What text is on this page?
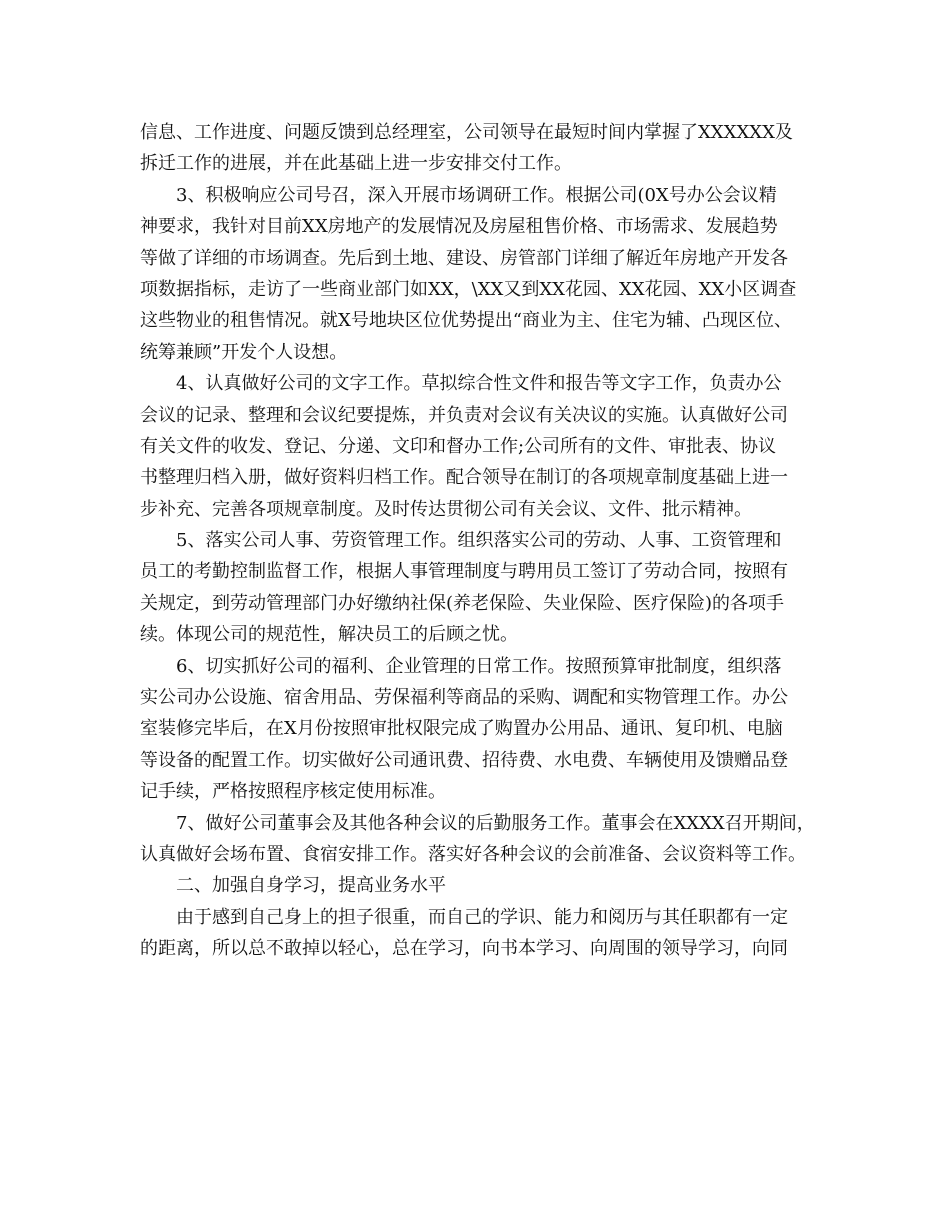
信息、工作进度、问题反馈到总经理室，公司领导在最短时间内掌握了XXXXXX及
拆迁工作的进展，并在此基础上进一步安排交付工作。
3、积极响应公司号召，深入开展市场调研工作。根据公司(0X号办公会议精
神要求，我针对目前XX房地产的发展情况及房屋租售价格、市场需求、发展趋势
等做了详细的市场调查。先后到土地、建设、房管部门详细了解近年房地产开发各
项数据指标，走访了一些商业部门如XX，\XX又到XX花园、XX花园、XX小区调查
这些物业的租售情况。就X号地块区位优势提出“商业为主、住宅为辅、凸现区位、
统筹兼顾”开发个人设想。
4、认真做好公司的文字工作。草拟综合性文件和报告等文字工作，负责办公
会议的记录、整理和会议纪要提炼，并负责对会议有关决议的实施。认真做好公司
有关文件的收发、登记、分递、文印和督办工作;公司所有的文件、审批表、协议
书整理归档入册，做好资料归档工作。配合领导在制订的各项规章制度基础上进一
步补充、完善各项规章制度。及时传达贯彻公司有关会议、文件、批示精神。
5、落实公司人事、劳资管理工作。组织落实公司的劳动、人事、工资管理和
员工的考勤控制监督工作，根据人事管理制度与聘用员工签订了劳动合同，按照有
关规定，到劳动管理部门办好缴纳社保(养老保险、失业保险、医疗保险)的各项手
续。体现公司的规范性，解决员工的后顾之忧。
6、切实抓好公司的福利、企业管理的日常工作。按照预算审批制度，组织落
实公司办公设施、宿舍用品、劳保福利等商品的采购、调配和实物管理工作。办公
室装修完毕后，在X月份按照审批权限完成了购置办公用品、通讯、复印机、电脑
等设备的配置工作。切实做好公司通讯费、招待费、水电费、车辆使用及馈赠品登
记手续，严格按照程序核定使用标准。
7、做好公司董事会及其他各种会议的后勤服务工作。董事会在XXXX召开期间，
认真做好会场布置、食宿安排工作。落实好各种会议的会前准备、会议资料等工作。
二、加强自身学习，提高业务水平
由于感到自己身上的担子很重，而自己的学识、能力和阅历与其任职都有一定
的距离，所以总不敢掉以轻心，总在学习，向书本学习、向周围的领导学习，向同
